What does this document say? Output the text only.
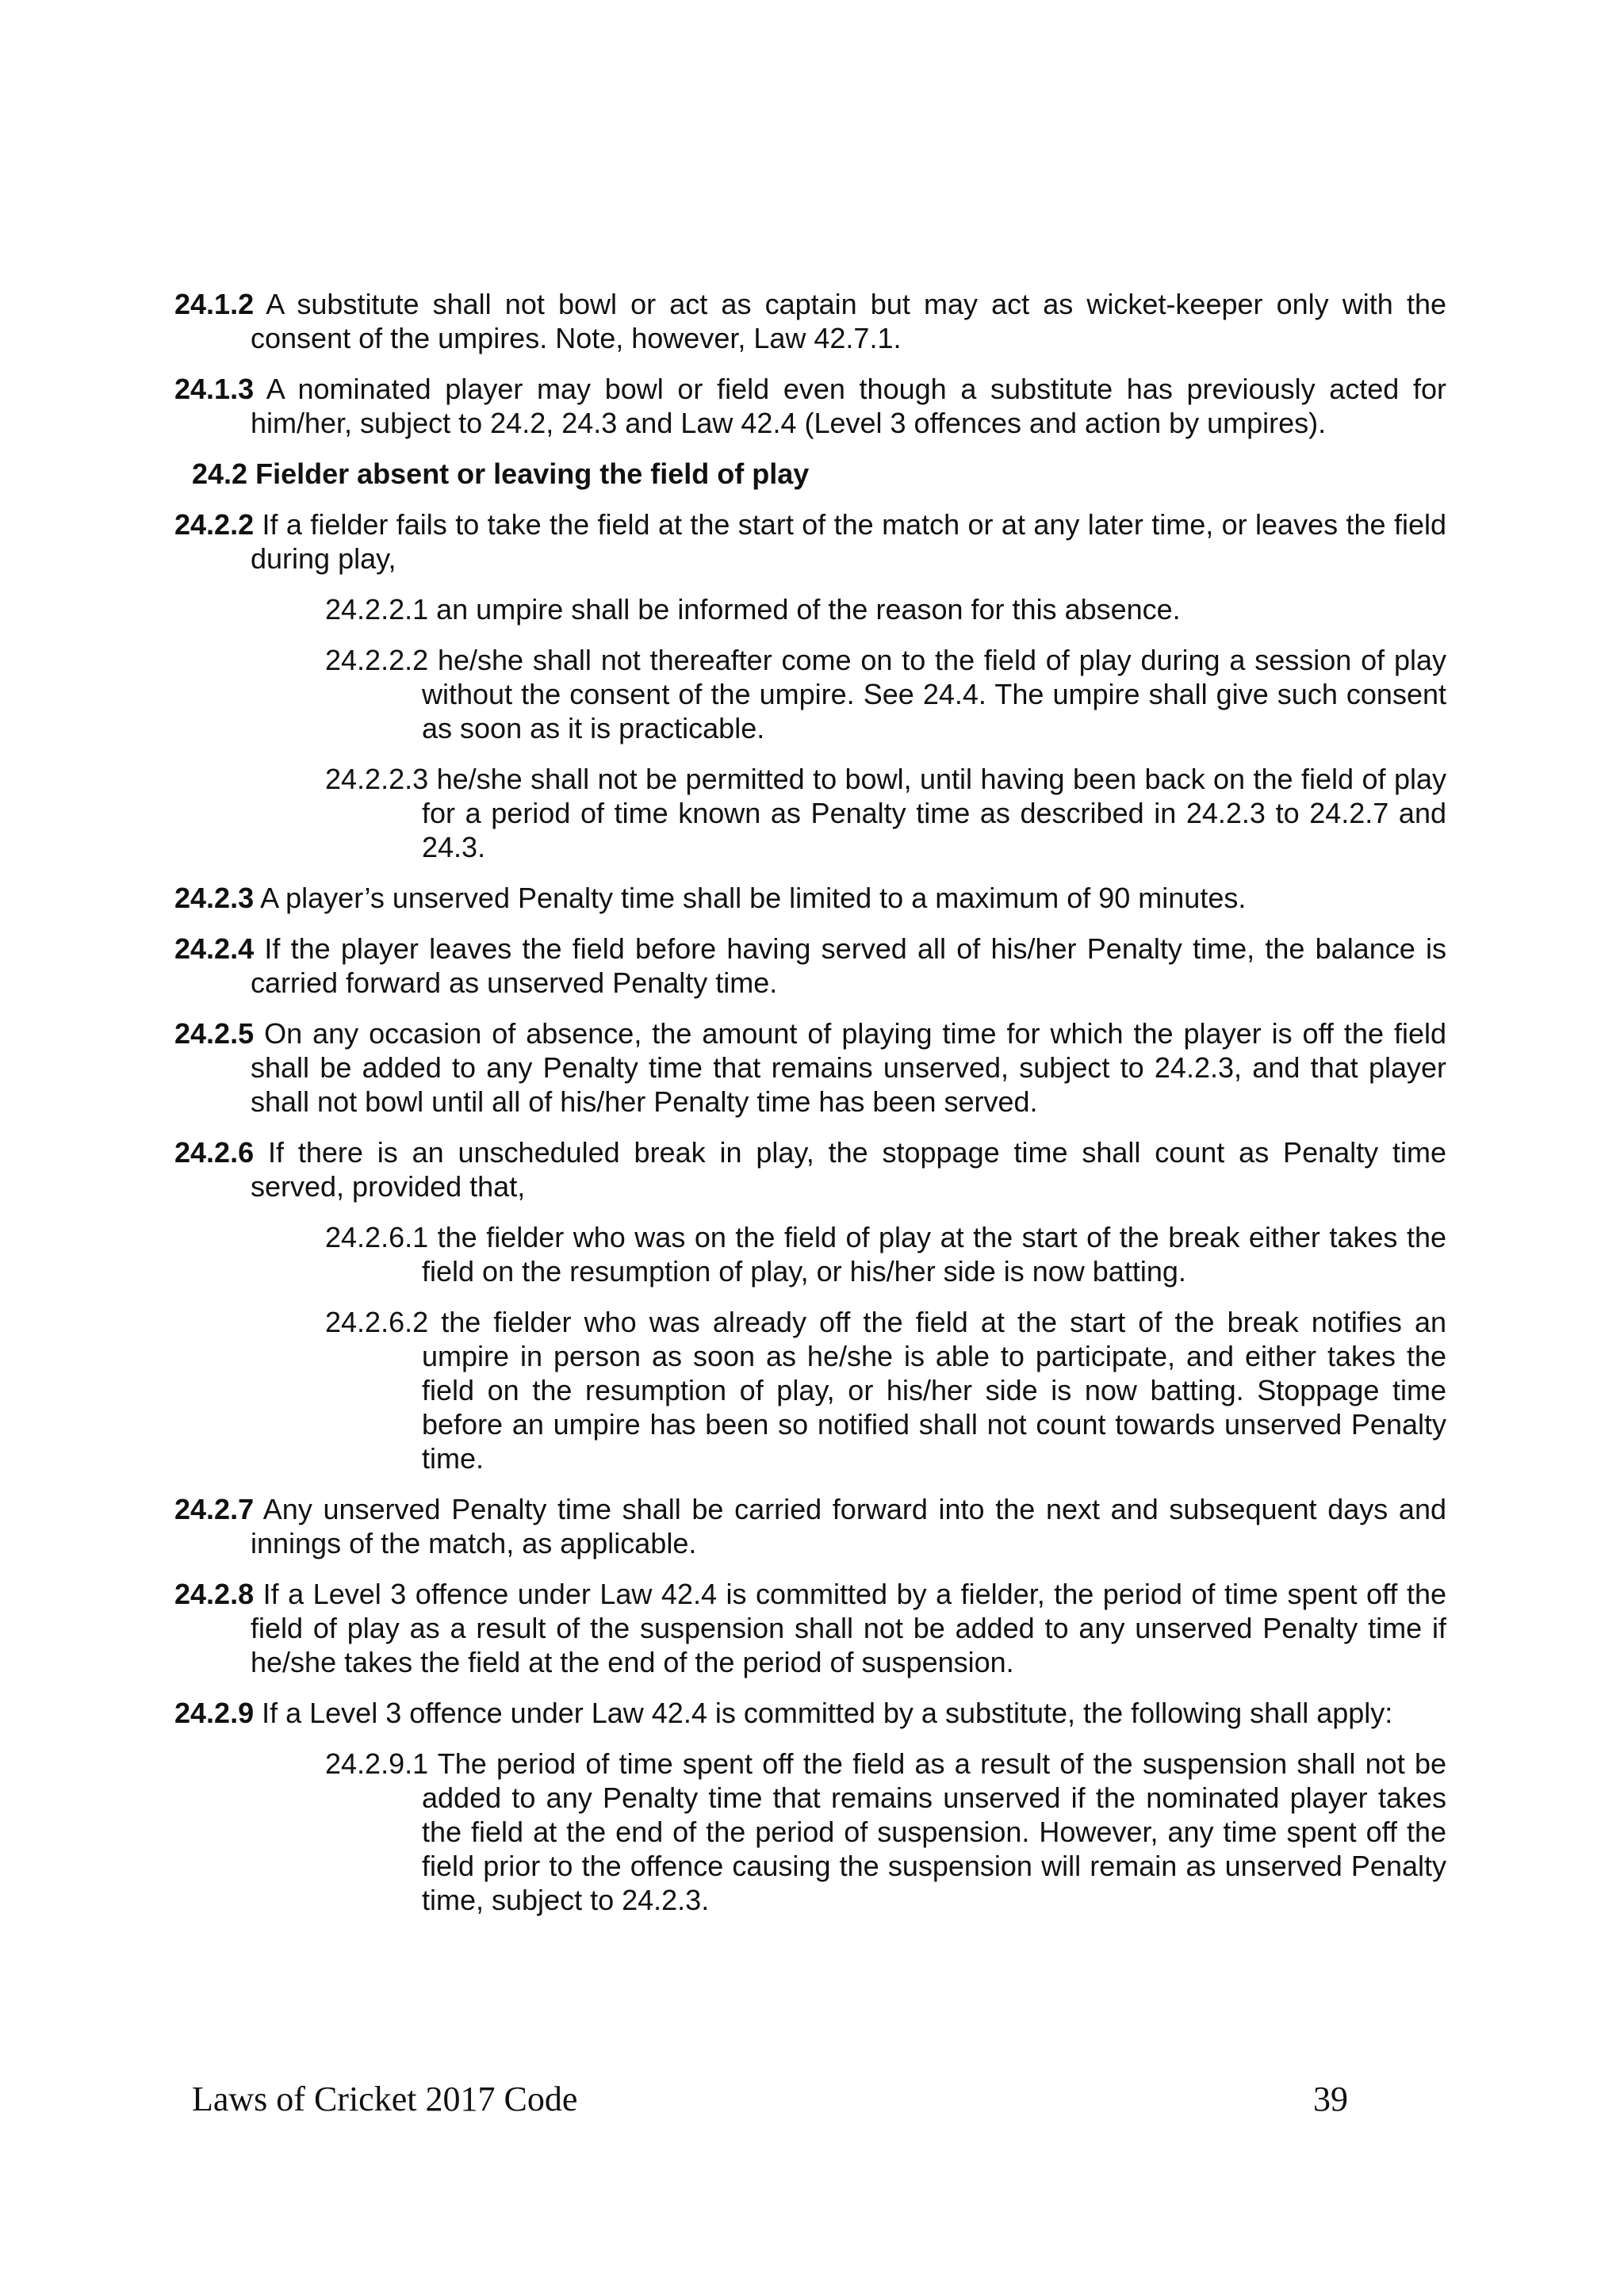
24.1.2 A substitute shall not bowl or act as captain but may act as wicket-keeper only with the consent of the umpires. Note, however, Law 42.7.1.
24.1.3 A nominated player may bowl or field even though a substitute has previously acted for him/her, subject to 24.2, 24.3 and Law 42.4 (Level 3 offences and action by umpires).
24.2 Fielder absent or leaving the field of play
24.2.2 If a fielder fails to take the field at the start of the match or at any later time, or leaves the field during play,
24.2.2.1 an umpire shall be informed of the reason for this absence.
24.2.2.2 he/she shall not thereafter come on to the field of play during a session of play without the consent of the umpire. See 24.4. The umpire shall give such consent as soon as it is practicable.
24.2.2.3 he/she shall not be permitted to bowl, until having been back on the field of play for a period of time known as Penalty time as described in 24.2.3 to 24.2.7 and 24.3.
24.2.3 A player’s unserved Penalty time shall be limited to a maximum of 90 minutes.
24.2.4 If the player leaves the field before having served all of his/her Penalty time, the balance is carried forward as unserved Penalty time.
24.2.5 On any occasion of absence, the amount of playing time for which the player is off the field shall be added to any Penalty time that remains unserved, subject to 24.2.3, and that player shall not bowl until all of his/her Penalty time has been served.
24.2.6 If there is an unscheduled break in play, the stoppage time shall count as Penalty time served, provided that,
24.2.6.1 the fielder who was on the field of play at the start of the break either takes the field on the resumption of play, or his/her side is now batting.
24.2.6.2 the fielder who was already off the field at the start of the break notifies an umpire in person as soon as he/she is able to participate, and either takes the field on the resumption of play, or his/her side is now batting. Stoppage time before an umpire has been so notified shall not count towards unserved Penalty time.
24.2.7 Any unserved Penalty time shall be carried forward into the next and subsequent days and innings of the match, as applicable.
24.2.8 If a Level 3 offence under Law 42.4 is committed by a fielder, the period of time spent off the field of play as a result of the suspension shall not be added to any unserved Penalty time if he/she takes the field at the end of the period of suspension.
24.2.9 If a Level 3 offence under Law 42.4 is committed by a substitute, the following shall apply:
24.2.9.1 The period of time spent off the field as a result of the suspension shall not be added to any Penalty time that remains unserved if the nominated player takes the field at the end of the period of suspension. However, any time spent off the field prior to the offence causing the suspension will remain as unserved Penalty time, subject to 24.2.3.
Laws of Cricket 2017 Code	39
